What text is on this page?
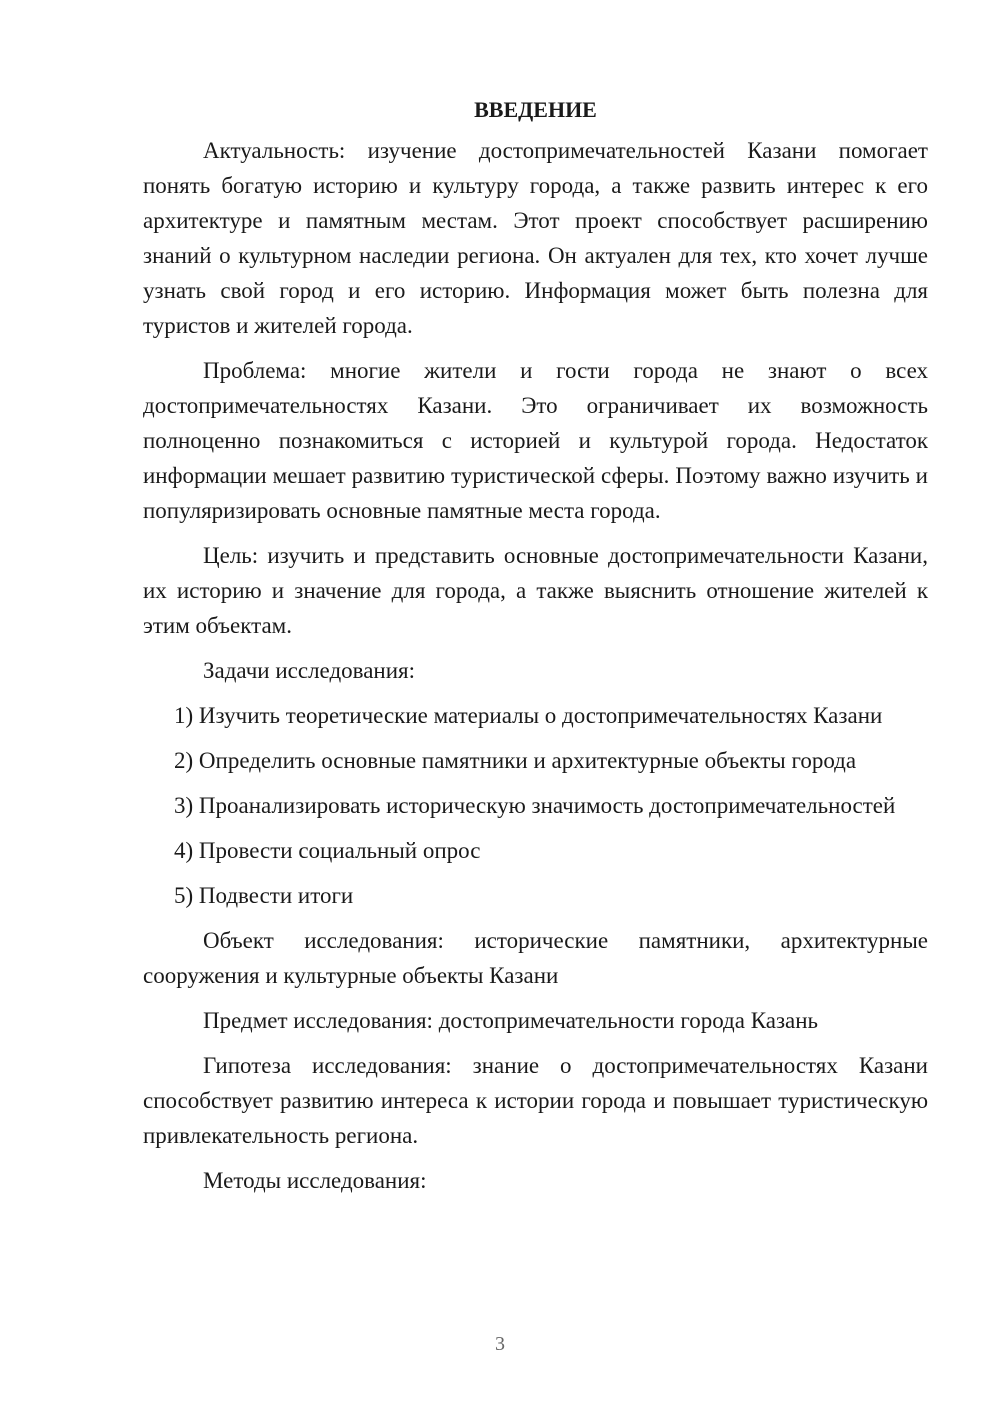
ВВЕДЕНИЕ

Актуальность: изучение достопримечательностей Казани помогает понять богатую историю и культуру города, а также развить интерес к его архитектуре и памятным местам. Этот проект способствует расширению знаний о культурном наследии региона. Он актуален для тех, кто хочет лучше узнать свой город и его историю. Информация может быть полезна для туристов и жителей города.

Проблема: многие жители и гости города не знают о всех достопримечательностях Казани. Это ограничивает их возможность полноценно познакомиться с историей и культурой города. Недостаток информации мешает развитию туристической сферы. Поэтому важно изучить и популяризировать основные памятные места города.

Цель: изучить и представить основные достопримечательности Казани, их историю и значение для города, а также выяснить отношение жителей к этим объектам.

Задачи исследования:

1) Изучить теоретические материалы о достопримечательностях Казани

2) Определить основные памятники и архитектурные объекты города

3) Проанализировать историческую значимость достопримечательностей

4) Провести социальный опрос

5) Подвести итоги

Объект исследования: исторические памятники, архитектурные сооружения и культурные объекты Казани

Предмет исследования: достопримечательности города Казань

Гипотеза исследования: знание о достопримечательностях Казани способствует развитию интереса к истории города и повышает туристическую привлекательность региона.

Методы исследования:

3
